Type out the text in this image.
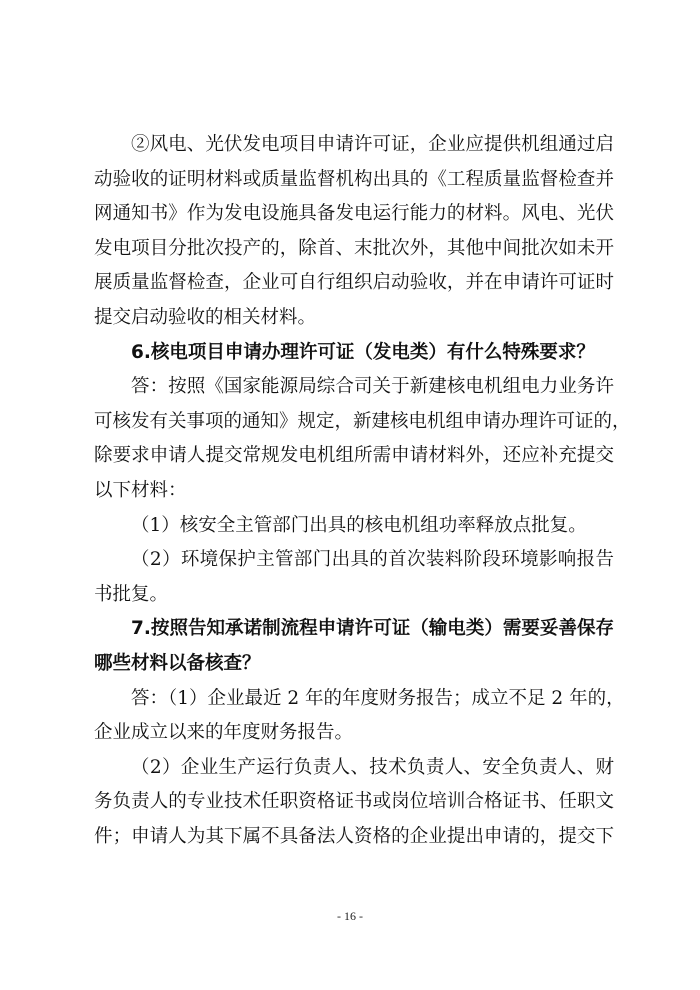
②风电、光伏发电项目申请许可证，企业应提供机组通过启
动验收的证明材料或质量监督机构出具的《工程质量监督检查并
网通知书》作为发电设施具备发电运行能力的材料。风电、光伏
发电项目分批次投产的，除首、末批次外，其他中间批次如未开
展质量监督检查，企业可自行组织启动验收，并在申请许可证时
提交启动验收的相关材料。
6.核电项目申请办理许可证（发电类）有什么特殊要求？
答：按照《国家能源局综合司关于新建核电机组电力业务许
可核发有关事项的通知》规定，新建核电机组申请办理许可证的，
除要求申请人提交常规发电机组所需申请材料外，还应补充提交
以下材料：
（1）核安全主管部门出具的核电机组功率释放点批复。
（2）环境保护主管部门出具的首次装料阶段环境影响报告
书批复。
7.按照告知承诺制流程申请许可证（输电类）需要妥善保存
哪些材料以备核查？
答：（1）企业最近 2 年的年度财务报告；成立不足 2 年的，
企业成立以来的年度财务报告。
（2）企业生产运行负责人、技术负责人、安全负责人、财
务负责人的专业技术任职资格证书或岗位培训合格证书、任职文
件；申请人为其下属不具备法人资格的企业提出申请的，提交下
- 16 -
